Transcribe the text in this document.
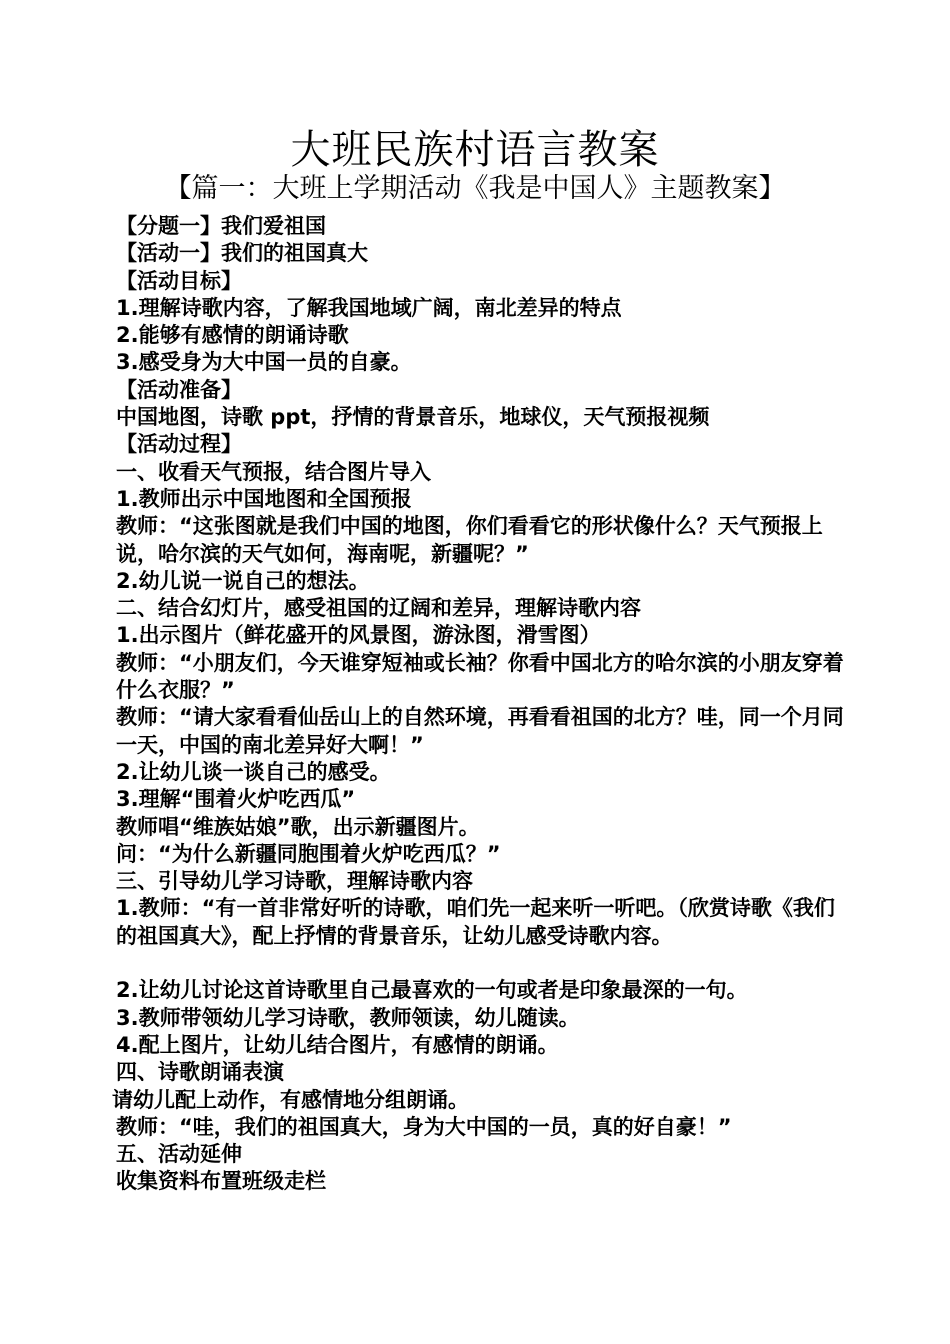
大班民族村语言教案
【篇一：大班上学期活动《我是中国人》主题教案】
【分题一】我们爱祖国
【活动一】我们的祖国真大
【活动目标】
1.理解诗歌内容，了解我国地域广阔，南北差异的特点
2.能够有感情的朗诵诗歌
3.感受身为大中国一员的自豪。
【活动准备】
中国地图，诗歌 ppt，抒情的背景音乐，地球仪，天气预报视频
【活动过程】
一、收看天气预报，结合图片导入
1.教师出示中国地图和全国预报
教师：“这张图就是我们中国的地图，你们看看它的形状像什么？天气预报上说，哈尔滨的天气如何，海南呢，新疆呢？”
2.幼儿说一说自己的想法。
二、结合幻灯片，感受祖国的辽阔和差异，理解诗歌内容
1.出示图片（鲜花盛开的风景图，游泳图，滑雪图）
教师：“小朋友们，今天谁穿短袖或长袖？你看中国北方的哈尔滨的小朋友穿着什么衣服？”
教师：“请大家看看仙岳山上的自然环境，再看看祖国的北方？哇，同一个月同一天，中国的南北差异好大啊！”
2.让幼儿谈一谈自己的感受。
3.理解“围着火炉吃西瓜”
教师唱“维族姑娘”歌，出示新疆图片。
问：“为什么新疆同胞围着火炉吃西瓜？”
三、引导幼儿学习诗歌，理解诗歌内容
1.教师：“有一首非常好听的诗歌，咱们先一起来听一听吧。（欣赏诗歌《我们的祖国真大》，配上抒情的背景音乐，让幼儿感受诗歌内容。
2.让幼儿讨论这首诗歌里自己最喜欢的一句或者是印象最深的一句。
3.教师带领幼儿学习诗歌，教师领读，幼儿随读。
4.配上图片，让幼儿结合图片，有感情的朗诵。
四、诗歌朗诵表演
请幼儿配上动作，有感情地分组朗诵。
教师：“哇，我们的祖国真大，身为大中国的一员，真的好自豪！”
五、活动延伸
收集资料布置班级走栏
